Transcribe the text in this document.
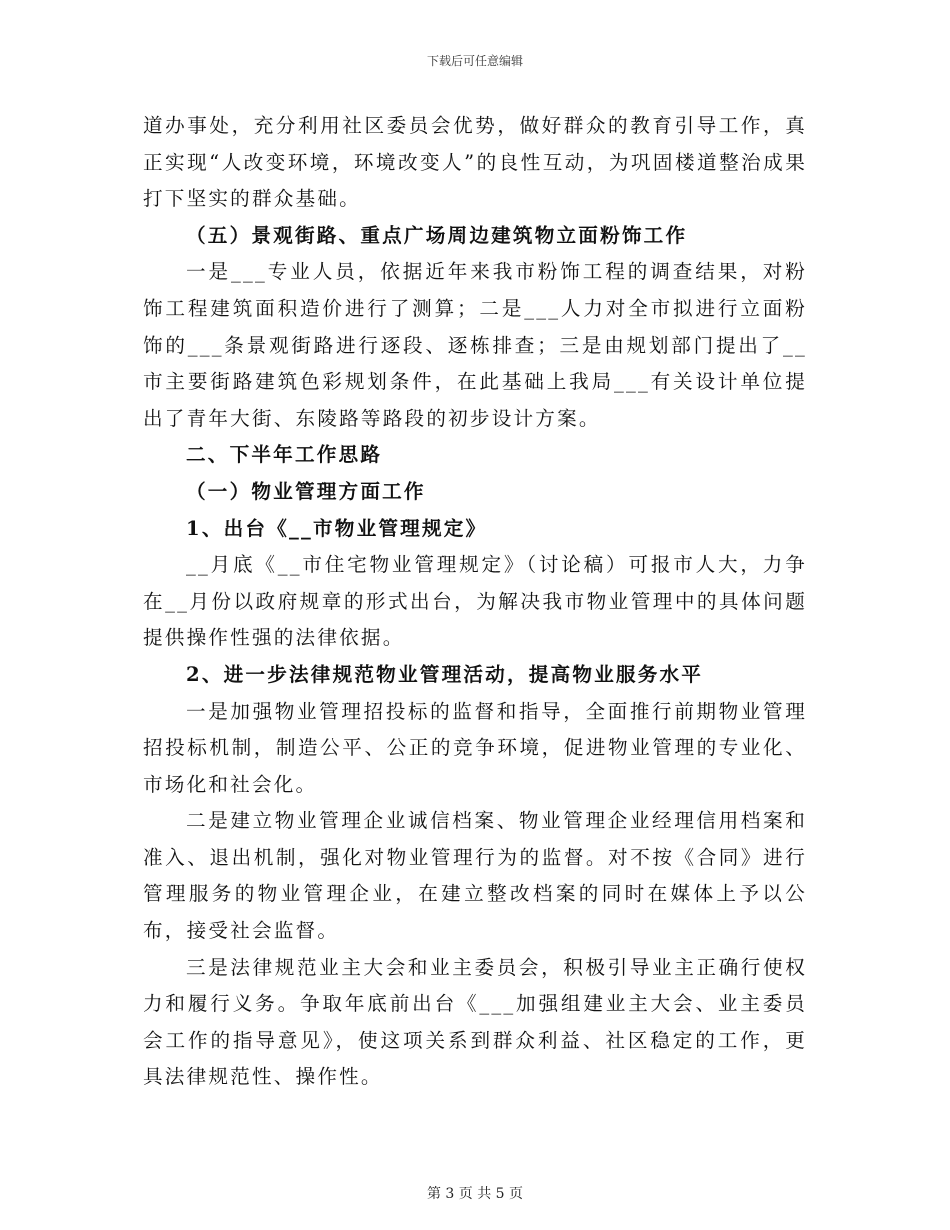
下载后可任意编辑

道办事处，充分利用社区委员会优势，做好群众的教育引导工作，真正实现“人改变环境，环境改变人”的良性互动，为巩固楼道整治成果打下坚实的群众基础。

（五）景观街路、重点广场周边建筑物立面粉饰工作

一是___专业人员，依据近年来我市粉饰工程的调查结果，对粉饰工程建筑面积造价进行了测算；二是___人力对全市拟进行立面粉饰的___条景观街路进行逐段、逐栋排查；三是由规划部门提出了__市主要街路建筑色彩规划条件，在此基础上我局___有关设计单位提出了青年大街、东陵路等路段的初步设计方案。

二、下半年工作思路

（一）物业管理方面工作

1、出台《__市物业管理规定》

__月底《__市住宅物业管理规定》（讨论稿）可报市人大，力争在__月份以政府规章的形式出台，为解决我市物业管理中的具体问题提供操作性强的法律依据。

2、进一步法律规范物业管理活动，提高物业服务水平

一是加强物业管理招投标的监督和指导，全面推行前期物业管理招投标机制，制造公平、公正的竞争环境，促进物业管理的专业化、市场化和社会化。

二是建立物业管理企业诚信档案、物业管理企业经理信用档案和准入、退出机制，强化对物业管理行为的监督。对不按《合同》进行管理服务的物业管理企业，在建立整改档案的同时在媒体上予以公布，接受社会监督。

三是法律规范业主大会和业主委员会，积极引导业主正确行使权力和履行义务。争取年底前出台《___加强组建业主大会、业主委员会工作的指导意见》，使这项关系到群众利益、社区稳定的工作，更具法律规范性、操作性。

第 3 页 共 5 页
